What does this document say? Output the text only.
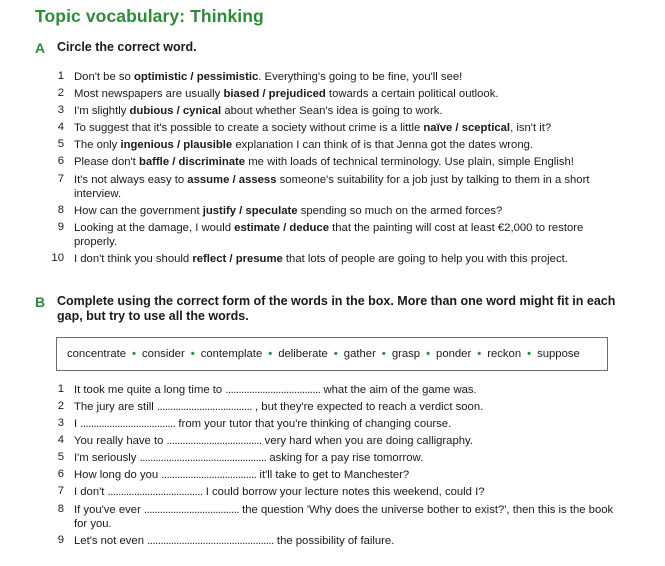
Topic vocabulary: Thinking
A Circle the correct word.
1 Don't be so optimistic / pessimistic. Everything's going to be fine, you'll see!
2 Most newspapers are usually biased / prejudiced towards a certain political outlook.
3 I'm slightly dubious / cynical about whether Sean's idea is going to work.
4 To suggest that it's possible to create a society without crime is a little naïve / sceptical, isn't it?
5 The only ingenious / plausible explanation I can think of is that Jenna got the dates wrong.
6 Please don't baffle / discriminate me with loads of technical terminology. Use plain, simple English!
7 It's not always easy to assume / assess someone's suitability for a job just by talking to them in a short interview.
8 How can the government justify / speculate spending so much on the armed forces?
9 Looking at the damage, I would estimate / deduce that the painting will cost at least €2,000 to restore properly.
10 I don't think you should reflect / presume that lots of people are going to help you with this project.
B Complete using the correct form of the words in the box. More than one word might fit in each gap, but try to use all the words.
concentrate • consider • contemplate • deliberate • gather • grasp • ponder • reckon • suppose
1 It took me quite a long time to .................................... what the aim of the game was.
2 The jury are still .................................... , but they're expected to reach a verdict soon.
3 I .................................... from your tutor that you're thinking of changing course.
4 You really have to .................................... very hard when you are doing calligraphy.
5 I'm seriously ................................................ asking for a pay rise tomorrow.
6 How long do you .................................... it'll take to get to Manchester?
7 I don't .................................... I could borrow your lecture notes this weekend, could I?
8 If you've ever .................................... the question 'Why does the universe bother to exist?', then this is the book for you.
9 Let's not even ................................................ the possibility of failure.
